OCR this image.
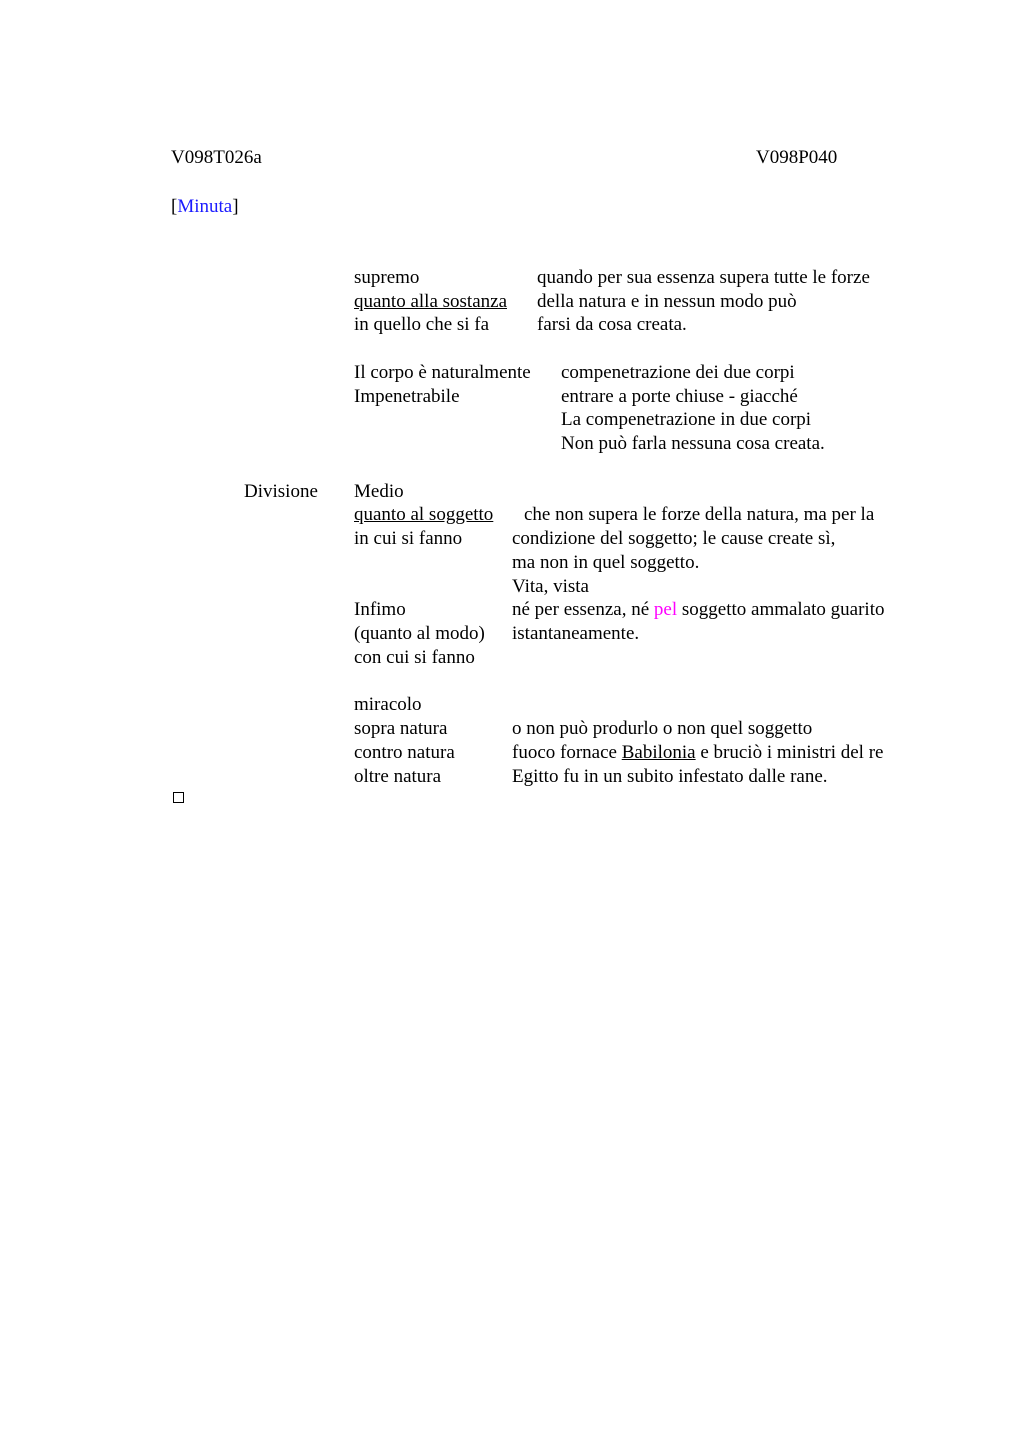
V098T026a	V098P040
[Minuta]
supremo
quanto alla sostanza
in quello che si fa
quando per sua essenza supera tutte le forze
della natura e in nessun modo può
farsi da cosa creata.
Il corpo è naturalmente
Impenetrabile
compenetrazione dei due corpi
entrare a porte chiuse - giacché
La compenetrazione in due corpi
Non può farla nessuna cosa creata.
Divisione Medio
quanto al soggetto
in cui si fanno
che non supera le forze della natura, ma per la
condizione del soggetto; le cause create sì,
ma non in quel soggetto.
Vita, vista
Infimo
(quanto al modo)
con cui si fanno
né per essenza, né pel soggetto ammalato guarito
istantaneamente.
miracolo
sopra natura
contro natura
oltre natura
o non può produrlo o non quel soggetto
fuoco fornace Babilonia e bruciò i ministri del re
Egitto fu in un subito infestato dalle rane.
